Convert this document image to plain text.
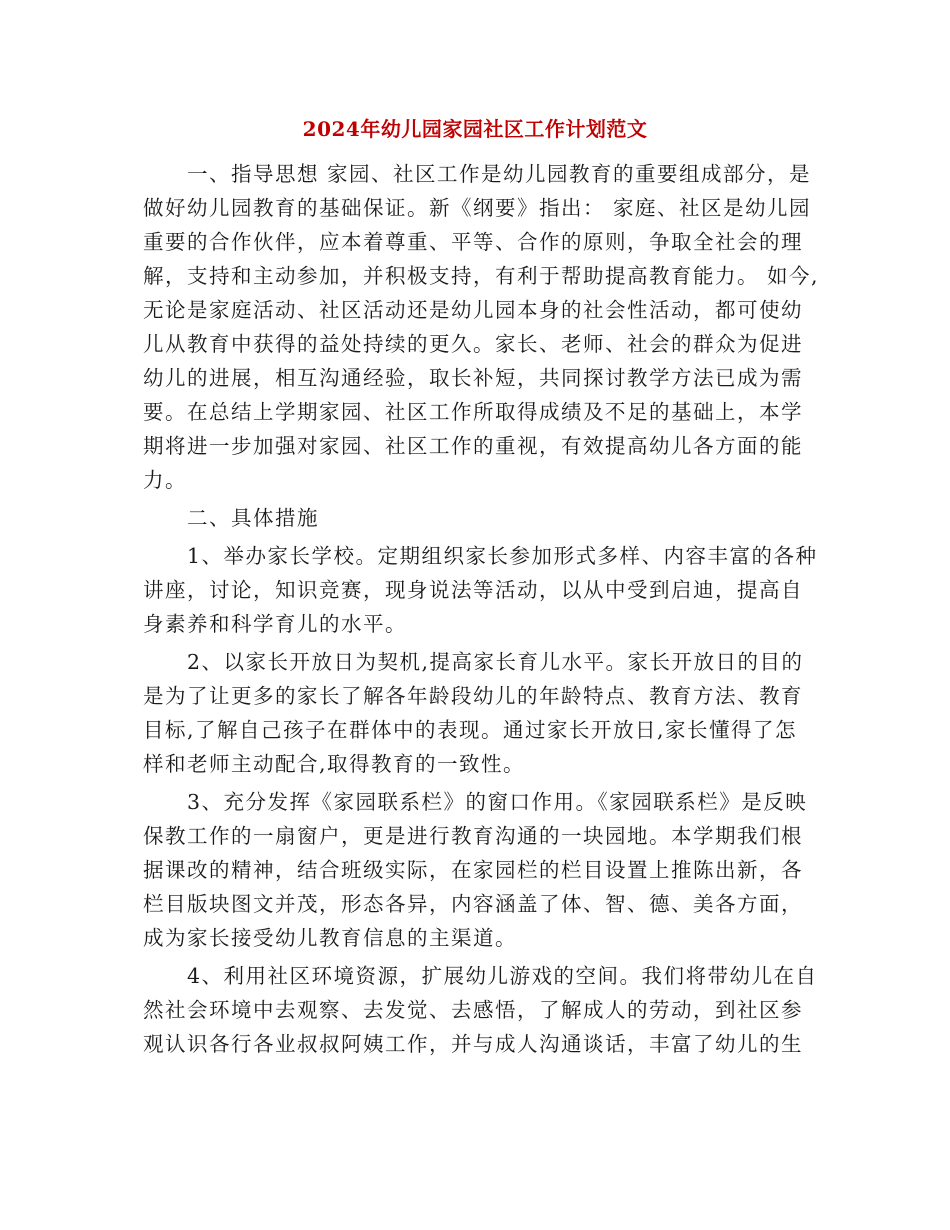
2024年幼儿园家园社区工作计划范文
　　一、指导思想 家园、社区工作是幼儿园教育的重要组成部分，是
做好幼儿园教育的基础保证。新《纲要》指出： 家庭、社区是幼儿园
重要的合作伙伴，应本着尊重、平等、合作的原则，争取全社会的理
解，支持和主动参加，并积极支持，有利于帮助提高教育能力。 如今,
无论是家庭活动、社区活动还是幼儿园本身的社会性活动，都可使幼
儿从教育中获得的益处持续的更久。家长、老师、社会的群众为促进
幼儿的进展，相互沟通经验，取长补短，共同探讨教学方法已成为需
要。在总结上学期家园、社区工作所取得成绩及不足的基础上，本学
期将进一步加强对家园、社区工作的重视，有效提高幼儿各方面的能
力。
　　二、具体措施
　　1、举办家长学校。定期组织家长参加形式多样、内容丰富的各种
讲座，讨论，知识竞赛，现身说法等活动，以从中受到启迪，提高自
身素养和科学育儿的水平。
　　2、以家长开放日为契机,提高家长育儿水平。家长开放日的目的
是为了让更多的家长了解各年龄段幼儿的年龄特点、教育方法、教育
目标,了解自己孩子在群体中的表现。通过家长开放日,家长懂得了怎
样和老师主动配合,取得教育的一致性。
　　3、充分发挥《家园联系栏》的窗口作用。《家园联系栏》是反映
保教工作的一扇窗户，更是进行教育沟通的一块园地。本学期我们根
据课改的精神，结合班级实际，在家园栏的栏目设置上推陈出新，各
栏目版块图文并茂，形态各异，内容涵盖了体、智、德、美各方面，
成为家长接受幼儿教育信息的主渠道。
　　4、利用社区环境资源，扩展幼儿游戏的空间。我们将带幼儿在自
然社会环境中去观察、去发觉、去感悟，了解成人的劳动，到社区参
观认识各行各业叔叔阿姨工作，并与成人沟通谈话，丰富了幼儿的生
